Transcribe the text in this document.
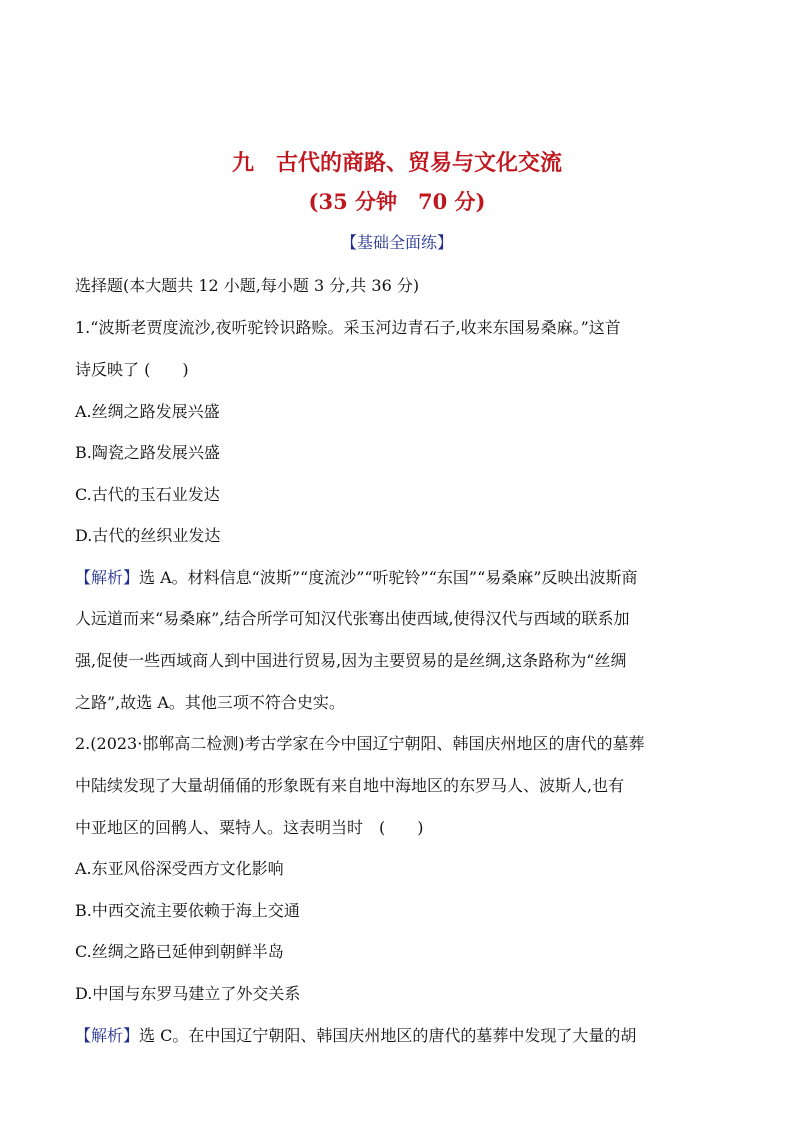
九　古代的商路、贸易与文化交流
(35 分钟　70 分)
【基础全面练】
选择题(本大题共 12 小题,每小题 3 分,共 36 分)
1.“波斯老贾度流沙,夜听驼铃识路赊。采玉河边青石子,收来东国易桑麻。”这首
诗反映了 (　　)
A.丝绸之路发展兴盛
B.陶瓷之路发展兴盛
C.古代的玉石业发达
D.古代的丝织业发达
【解析】选 A。材料信息“波斯”“度流沙”“听驼铃”“东国”“易桑麻”反映出波斯商
人远道而来“易桑麻”,结合所学可知汉代张骞出使西域,使得汉代与西域的联系加
强,促使一些西域商人到中国进行贸易,因为主要贸易的是丝绸,这条路称为“丝绸
之路”,故选 A。其他三项不符合史实。
2.(2023·邯郸高二检测)考古学家在今中国辽宁朝阳、韩国庆州地区的唐代的墓葬
中陆续发现了大量胡俑俑的形象既有来自地中海地区的东罗马人、波斯人,也有
中亚地区的回鹘人、粟特人。这表明当时　(　　)
A.东亚风俗深受西方文化影响
B.中西交流主要依赖于海上交通
C.丝绸之路已延伸到朝鲜半岛
D.中国与东罗马建立了外交关系
【解析】选 C。在中国辽宁朝阳、韩国庆州地区的唐代的墓葬中发现了大量的胡
